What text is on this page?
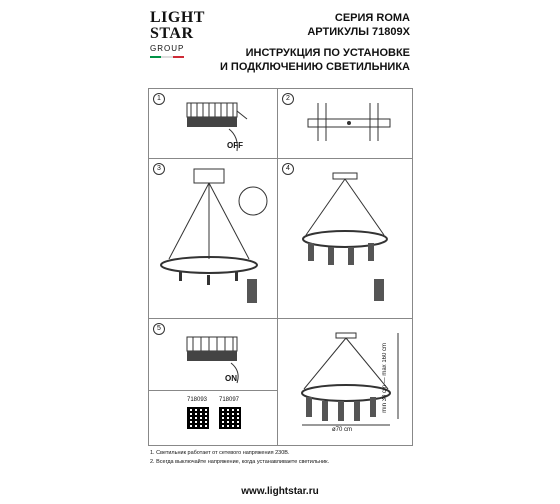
LIGHT
STAR
GROUP
СЕРИЯ ROMA
АРТИКУЛЫ 71809X
ИНСТРУКЦИЯ ПО УСТАНОВКЕ
И ПОДКЛЮЧЕНИЮ СВЕТИЛЬНИКА
1
OFF
2
3	4
5
ON
718093 718097
ø70 cm
min 30 cm — max 160 cm
1. Светильник работает от сетевого напряжения 230В.
2. Всегда выключайте напряжение, когда устанавливаете светильник.
www.lightstar.ru
